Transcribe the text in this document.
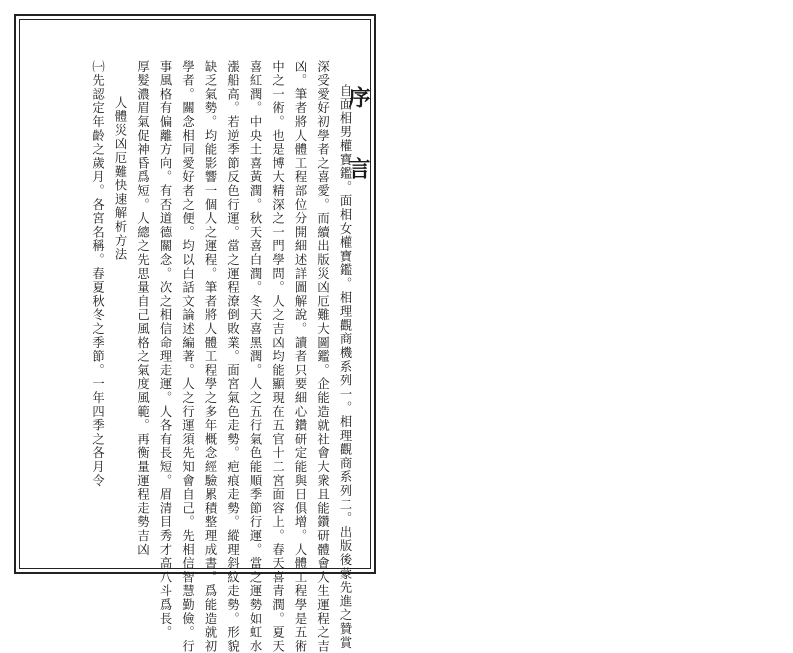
序 言
自面相男權寶鑑。面相女權寶鑑。相理觀商機系列一。相理觀商系列二。出版後蒙先進之贊賞
深受愛好初學者之喜愛。而續出版災凶厄難大圖鑑。企能造就社會大衆且能鑽研體會人生運程之吉
凶。筆者將人體工程部位分開細述詳圖解說。讀者只要細心鑽研定能與日俱增。人體工程學是五術
中之一術。也是博大精深之一門學問。人之吉凶均能顯現在五官十二宮面容上。春天喜青潤。夏天
喜紅潤。中央土喜黃潤。秋天喜白潤。冬天喜黑潤。人之五行氣色能順季節行運。當之運勢如虹水
漲船高。若逆季節反色行運。當之運程潦倒敗業。面宮氣色走勢。疤痕走勢。縱理斜紋走勢。形貌
缺乏氣勢。均能影響一個人之運程。筆者將人體工程學之多年概念經驗累積整理成書。爲能造就初
學者。關念相同愛好者之便。均以白話文論述編著。人之行運須先知會自己。先相信智慧勤儉。行
事風格有偏離方向。有否道德關念。次之相信命理走運。人各有長短。眉清目秀才高八斗爲長。
厚髮濃眉氣促神昏爲短。人總之先思量自己風格之氣度風範。再衡量運程走勢吉凶
人體災凶厄難快速解析方法
㈠先認定年齡之歲月。各宮名稱。春夏秋冬之季節。一年四季之各月令
